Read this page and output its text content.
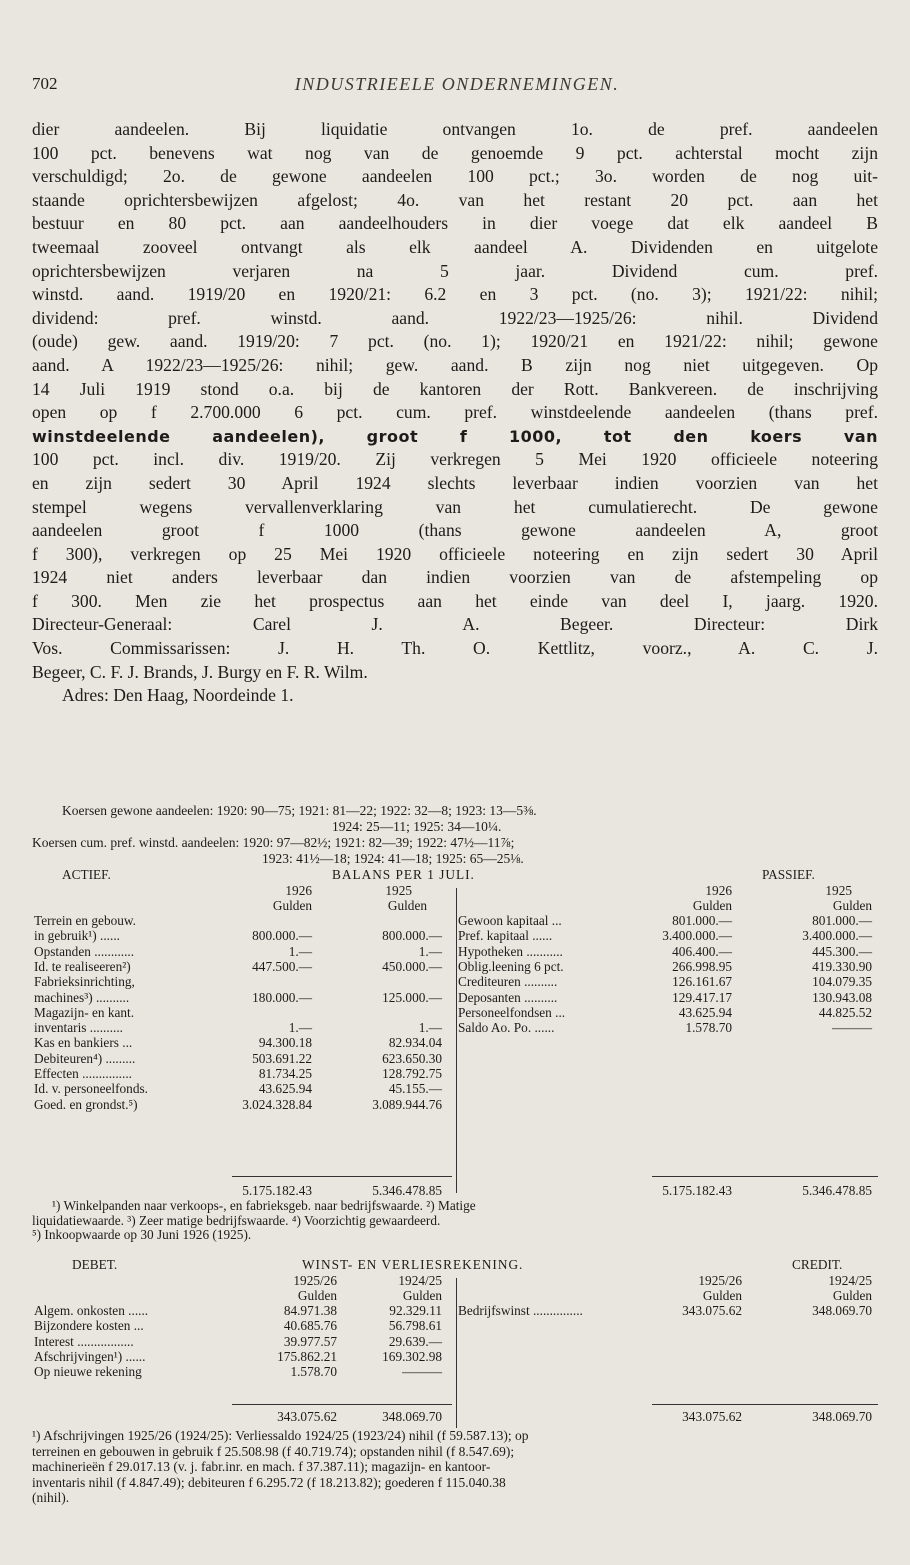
702	INDUSTRIEELE ONDERNEMINGEN.

dier aandeelen. Bij liquidatie ontvangen 1o. de pref. aandeelen

100 pct. benevens wat nog van de genoemde 9 pct. achterstal mocht zijn

verschuldigd; 2o. de gewone aandeelen 100 pct.; 3o. worden de nog uit-

staande oprichtersbewijzen afgelost; 4o. van het restant 20 pct. aan het

bestuur en 80 pct. aan aandeelhouders in dier voege dat elk aandeel B

tweemaal zooveel ontvangt als elk aandeel A. Dividenden en uitgelote

oprichtersbewijzen verjaren na 5 jaar. Dividend cum. pref.

winstd. aand. 1919/20 en 1920/21: 6.2 en 3 pct. (no. 3); 1921/22: nihil;

dividend: pref. winstd. aand. 1922/23—1925/26: nihil. Dividend

(oude) gew. aand. 1919/20: 7 pct. (no. 1); 1920/21 en 1921/22: nihil; gewone

aand. A 1922/23—1925/26: nihil; gew. aand. B zijn nog niet uitgegeven. Op

14 Juli 1919 stond o.a. bij de kantoren der Rott. Bankvereen. de inschrijving

open op f 2.700.000 6 pct. cum. pref. winstdeelende aandeelen (thans pref.

winstdeelende aandeelen), groot f 1000, tot den koers van

100 pct. incl. div. 1919/20. Zij verkregen 5 Mei 1920 officieele noteering

en zijn sedert 30 April 1924 slechts leverbaar indien voorzien van het

stempel wegens vervallenverklaring van het cumulatierecht. De gewone

aandeelen groot f 1000 (thans gewone aandeelen A, groot

f 300), verkregen op 25 Mei 1920 officieele noteering en zijn sedert 30 April

1924 niet anders leverbaar dan indien voorzien van de afstempeling op

f 300. Men zie het prospectus aan het einde van deel I, jaarg. 1920.

Directeur-Generaal: Carel J. A. Begeer. Directeur: Dirk

Vos. Commissarissen: J. H. Th. O. Kettlitz, voorz., A. C. J.

Begeer, C. F. J. Brands, J. Burgy en F. R. Wilm.

Adres: Den Haag, Noordeinde 1.

Koersen gewone aandeelen: 1920: 90—75; 1921: 81—22; 1922: 32—8; 1923: 13—5⅜.
1924: 25—11; 1925: 34—10¼.
Koersen cum. pref. winstd. aandeelen: 1920: 97—82½; 1921: 82—39; 1922: 47½—11⅞;
1923: 41½—18; 1924: 41—18; 1925: 65—25⅛.
ACTIEF.	BALANS PER 1 JULI.	PASSIEF.
1926	1925
Gulden	Gulden
1926	1925
Gulden	Gulden
Terrein en gebouw.
in gebruik¹) ......	800.000.—	800.000.—
Opstanden ............	1.—	1.—
Id. te realiseeren²)	447.500.—	450.000.—
Fabrieksinrichting,
machines³) ..........	180.000.—	125.000.—
Magazijn- en kant.
inventaris ..........	1.—	1.—
Kas en bankiers ...	94.300.18	82.934.04
Debiteuren⁴) .........	503.691.22	623.650.30
Effecten ...............	81.734.25	128.792.75
Id. v. personeelfonds.	43.625.94	45.155.—
Goed. en grondst.⁵)	3.024.328.84	3.089.944.76
Gewoon kapitaal ...	801.000.—	801.000.—
Pref. kapitaal ......	3.400.000.—	3.400.000.—
Hypotheken ...........	406.400.—	445.300.—
Oblig.leening 6 pct.	266.998.95	419.330.90
Crediteuren ..........	126.161.67	104.079.35
Deposanten ..........	129.417.17	130.943.08
Personeelfondsen ...	43.625.94	44.825.52
Saldo Ao. Po. ......	1.578.70	———
5.175.182.43	5.346.478.85	5.175.182.43	5.346.478.85
¹) Winkelpanden naar verkoops-, en fabrieksgeb. naar bedrijfswaarde. ²) Matige
liquidatiewaarde. ³) Zeer matige bedrijfswaarde. ⁴) Voorzichtig gewaardeerd.
⁵) Inkoopwaarde op 30 Juni 1926 (1925).
DEBET.	WINST- EN VERLIESREKENING.	CREDIT.
1925/26	1924/25
Gulden	Gulden
1925/26	1924/25
Gulden	Gulden
Algem. onkosten ......	84.971.38	92.329.11
Bijzondere kosten ...	40.685.76	56.798.61
Interest .................	39.977.57	29.639.—
Afschrijvingen¹) ......	175.862.21	169.302.98
Op nieuwe rekening	1.578.70	———
Bedrijfswinst ...............	343.075.62	348.069.70
343.075.62	348.069.70	343.075.62	348.069.70
¹) Afschrijvingen 1925/26 (1924/25): Verliessaldo 1924/25 (1923/24) nihil (f 59.587.13); op
terreinen en gebouwen in gebruik f 25.508.98 (f 40.719.74); opstanden nihil (f 8.547.69);
machinerieën f 29.017.13 (v. j. fabr.inr. en mach. f 37.387.11); magazijn- en kantoor-
inventaris nihil (f 4.847.49); debiteuren f 6.295.72 (f 18.213.82); goederen f 115.040.38
(nihil).
